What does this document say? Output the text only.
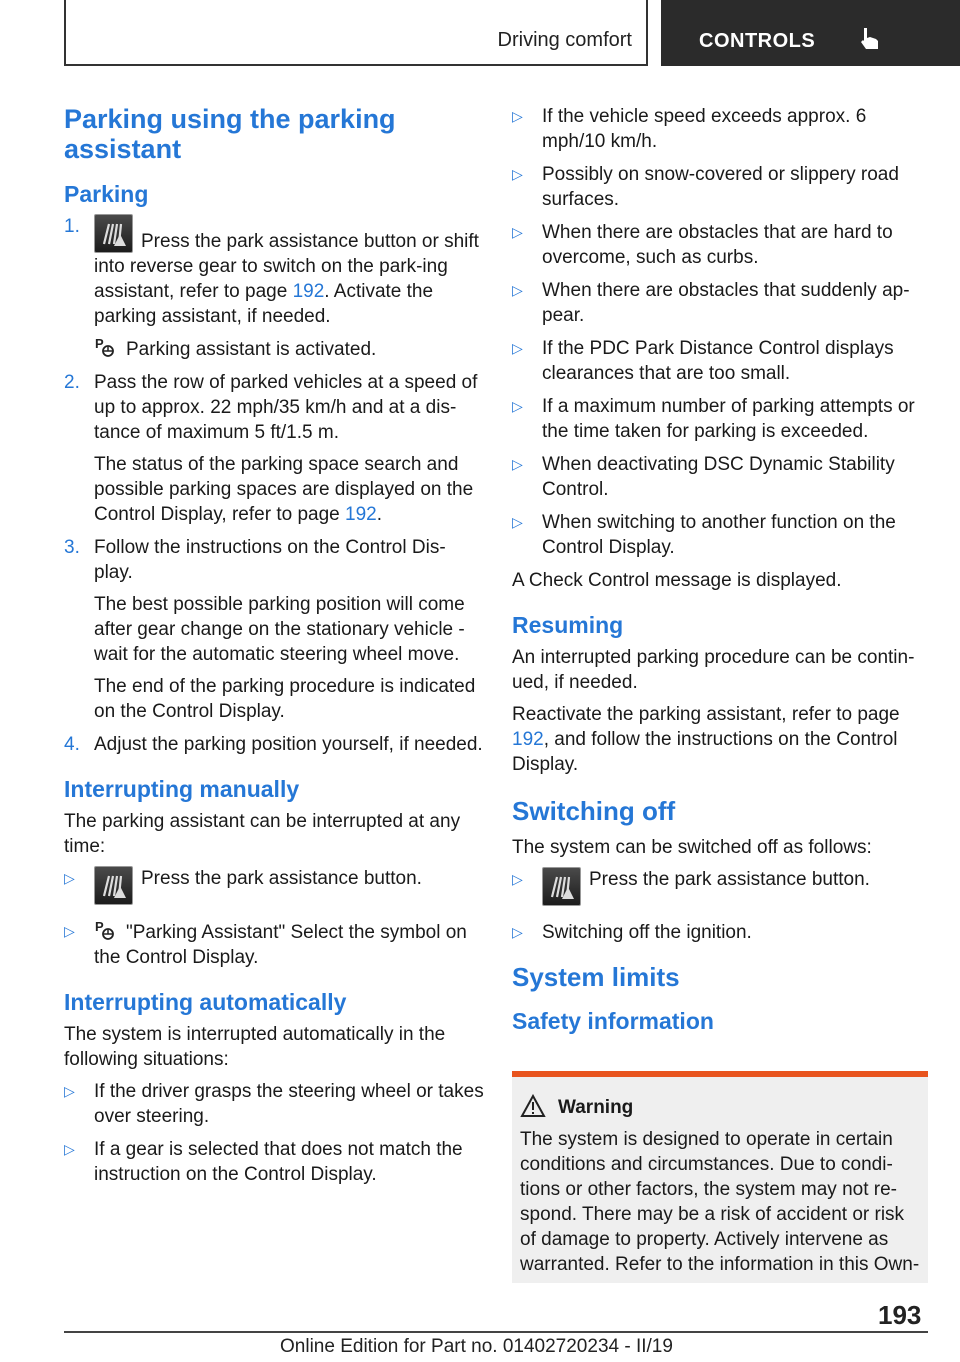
Driving comfort	CONTROLS
Parking using the parking assistant
Parking
1.
Press the park assistance button or shift into reverse gear to switch on the park-ing assistant, refer to page 192. Activate the parking assistant, if needed.

P Parking assistant is activated.

2. Pass the row of parked vehicles at a speed of up to approx. 22 mph/35 km/h and at a dis-tance of maximum 5 ft/1.5 m.

The status of the parking space search and possible parking spaces are displayed on the Control Display, refer to page 192.

3. Follow the instructions on the Control Dis-play.

The best possible parking position will come after gear change on the stationary vehicle - wait for the automatic steering wheel move.

The end of the parking procedure is indicated on the Control Display.

4. Adjust the parking position yourself, if needed.
Interrupting manually

The parking assistant can be interrupted at any time:

▷	Press the park assistance button.
▷ P "Parking Assistant" Select the symbol on the Control Display.
Interrupting automatically

The system is interrupted automatically in the following situations:

▷ If the driver grasps the steering wheel or takes over steering.
▷ If a gear is selected that does not match the instruction on the Control Display.
▷ If the vehicle speed exceeds approx. 6 mph/10 km/h.
▷ Possibly on snow-covered or slippery road surfaces.
▷ When there are obstacles that are hard to overcome, such as curbs.
▷ When there are obstacles that suddenly ap-pear.
▷ If the PDC Park Distance Control displays clearances that are too small.
▷ If a maximum number of parking attempts or the time taken for parking is exceeded.
▷ When deactivating DSC Dynamic Stability Control.
▷ When switching to another function on the Control Display.

A Check Control message is displayed.

Resuming

An interrupted parking procedure can be contin-ued, if needed.

Reactivate the parking assistant, refer to page 192, and follow the instructions on the Control Display.

Switching off

The system can be switched off as follows:

▷	Press the park assistance button.
▷ Switching off the ignition.
System limits
Safety information
Warning

The system is designed to operate in certain conditions and circumstances. Due to condi-tions or other factors, the system may not re-spond. There may be a risk of accident or risk of damage to property. Actively intervene as warranted. Refer to the information in this Own-

193
Online Edition for Part no. 01402720234 - II/19
